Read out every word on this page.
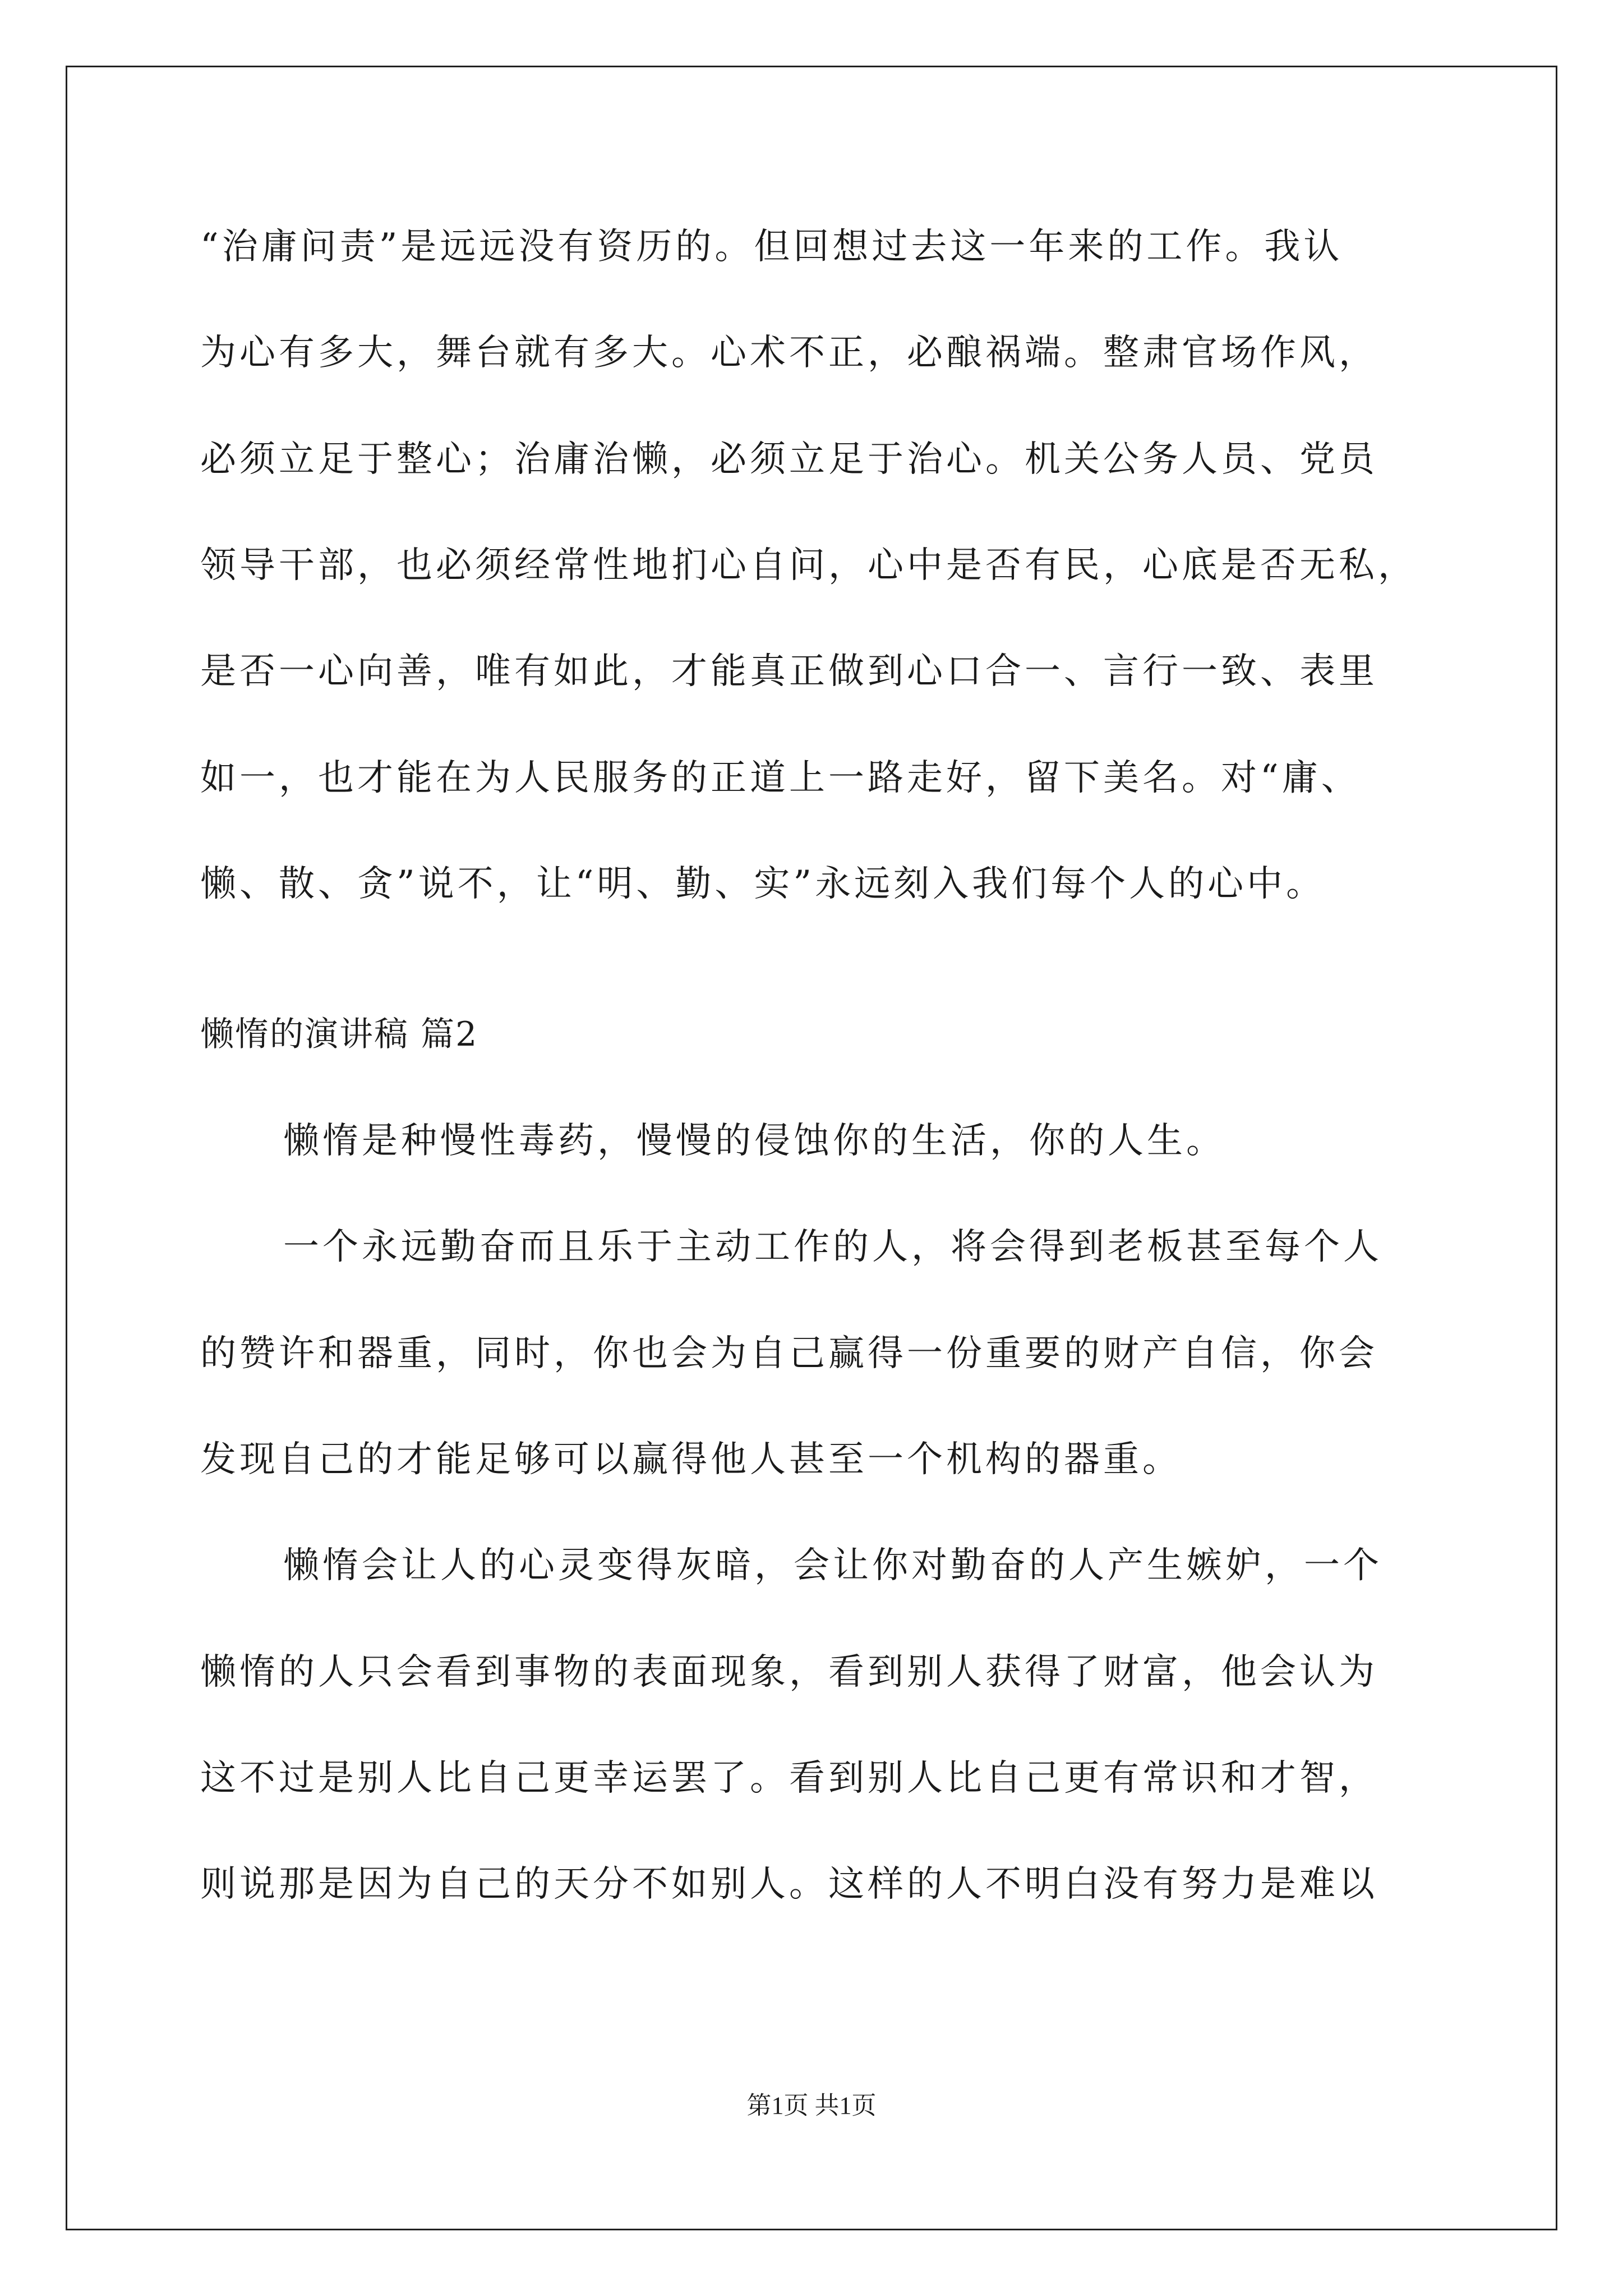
“治庸问责”是远远没有资历的。但回想过去这一年来的工作。我认
为心有多大，舞台就有多大。心术不正，必酿祸端。整肃官场作风，
必须立足于整心；治庸治懒，必须立足于治心。机关公务人员、党员
领导干部，也必须经常性地扪心自问，心中是否有民，心底是否无私，
是否一心向善，唯有如此，才能真正做到心口合一、言行一致、表里
如一，也才能在为人民服务的正道上一路走好，留下美名。对“庸、
懒、散、贪”说不，让“明、勤、实”永远刻入我们每个人的心中。
懒惰的演讲稿 篇2
懒惰是种慢性毒药，慢慢的侵蚀你的生活，你的人生。
一个永远勤奋而且乐于主动工作的人，将会得到老板甚至每个人
的赞许和器重，同时，你也会为自己赢得一份重要的财产自信，你会
发现自己的才能足够可以赢得他人甚至一个机构的器重。
懒惰会让人的心灵变得灰暗，会让你对勤奋的人产生嫉妒，一个
懒惰的人只会看到事物的表面现象，看到别人获得了财富，他会认为
这不过是别人比自己更幸运罢了。看到别人比自己更有常识和才智，
则说那是因为自己的天分不如别人。这样的人不明白没有努力是难以
第1页 共1页
